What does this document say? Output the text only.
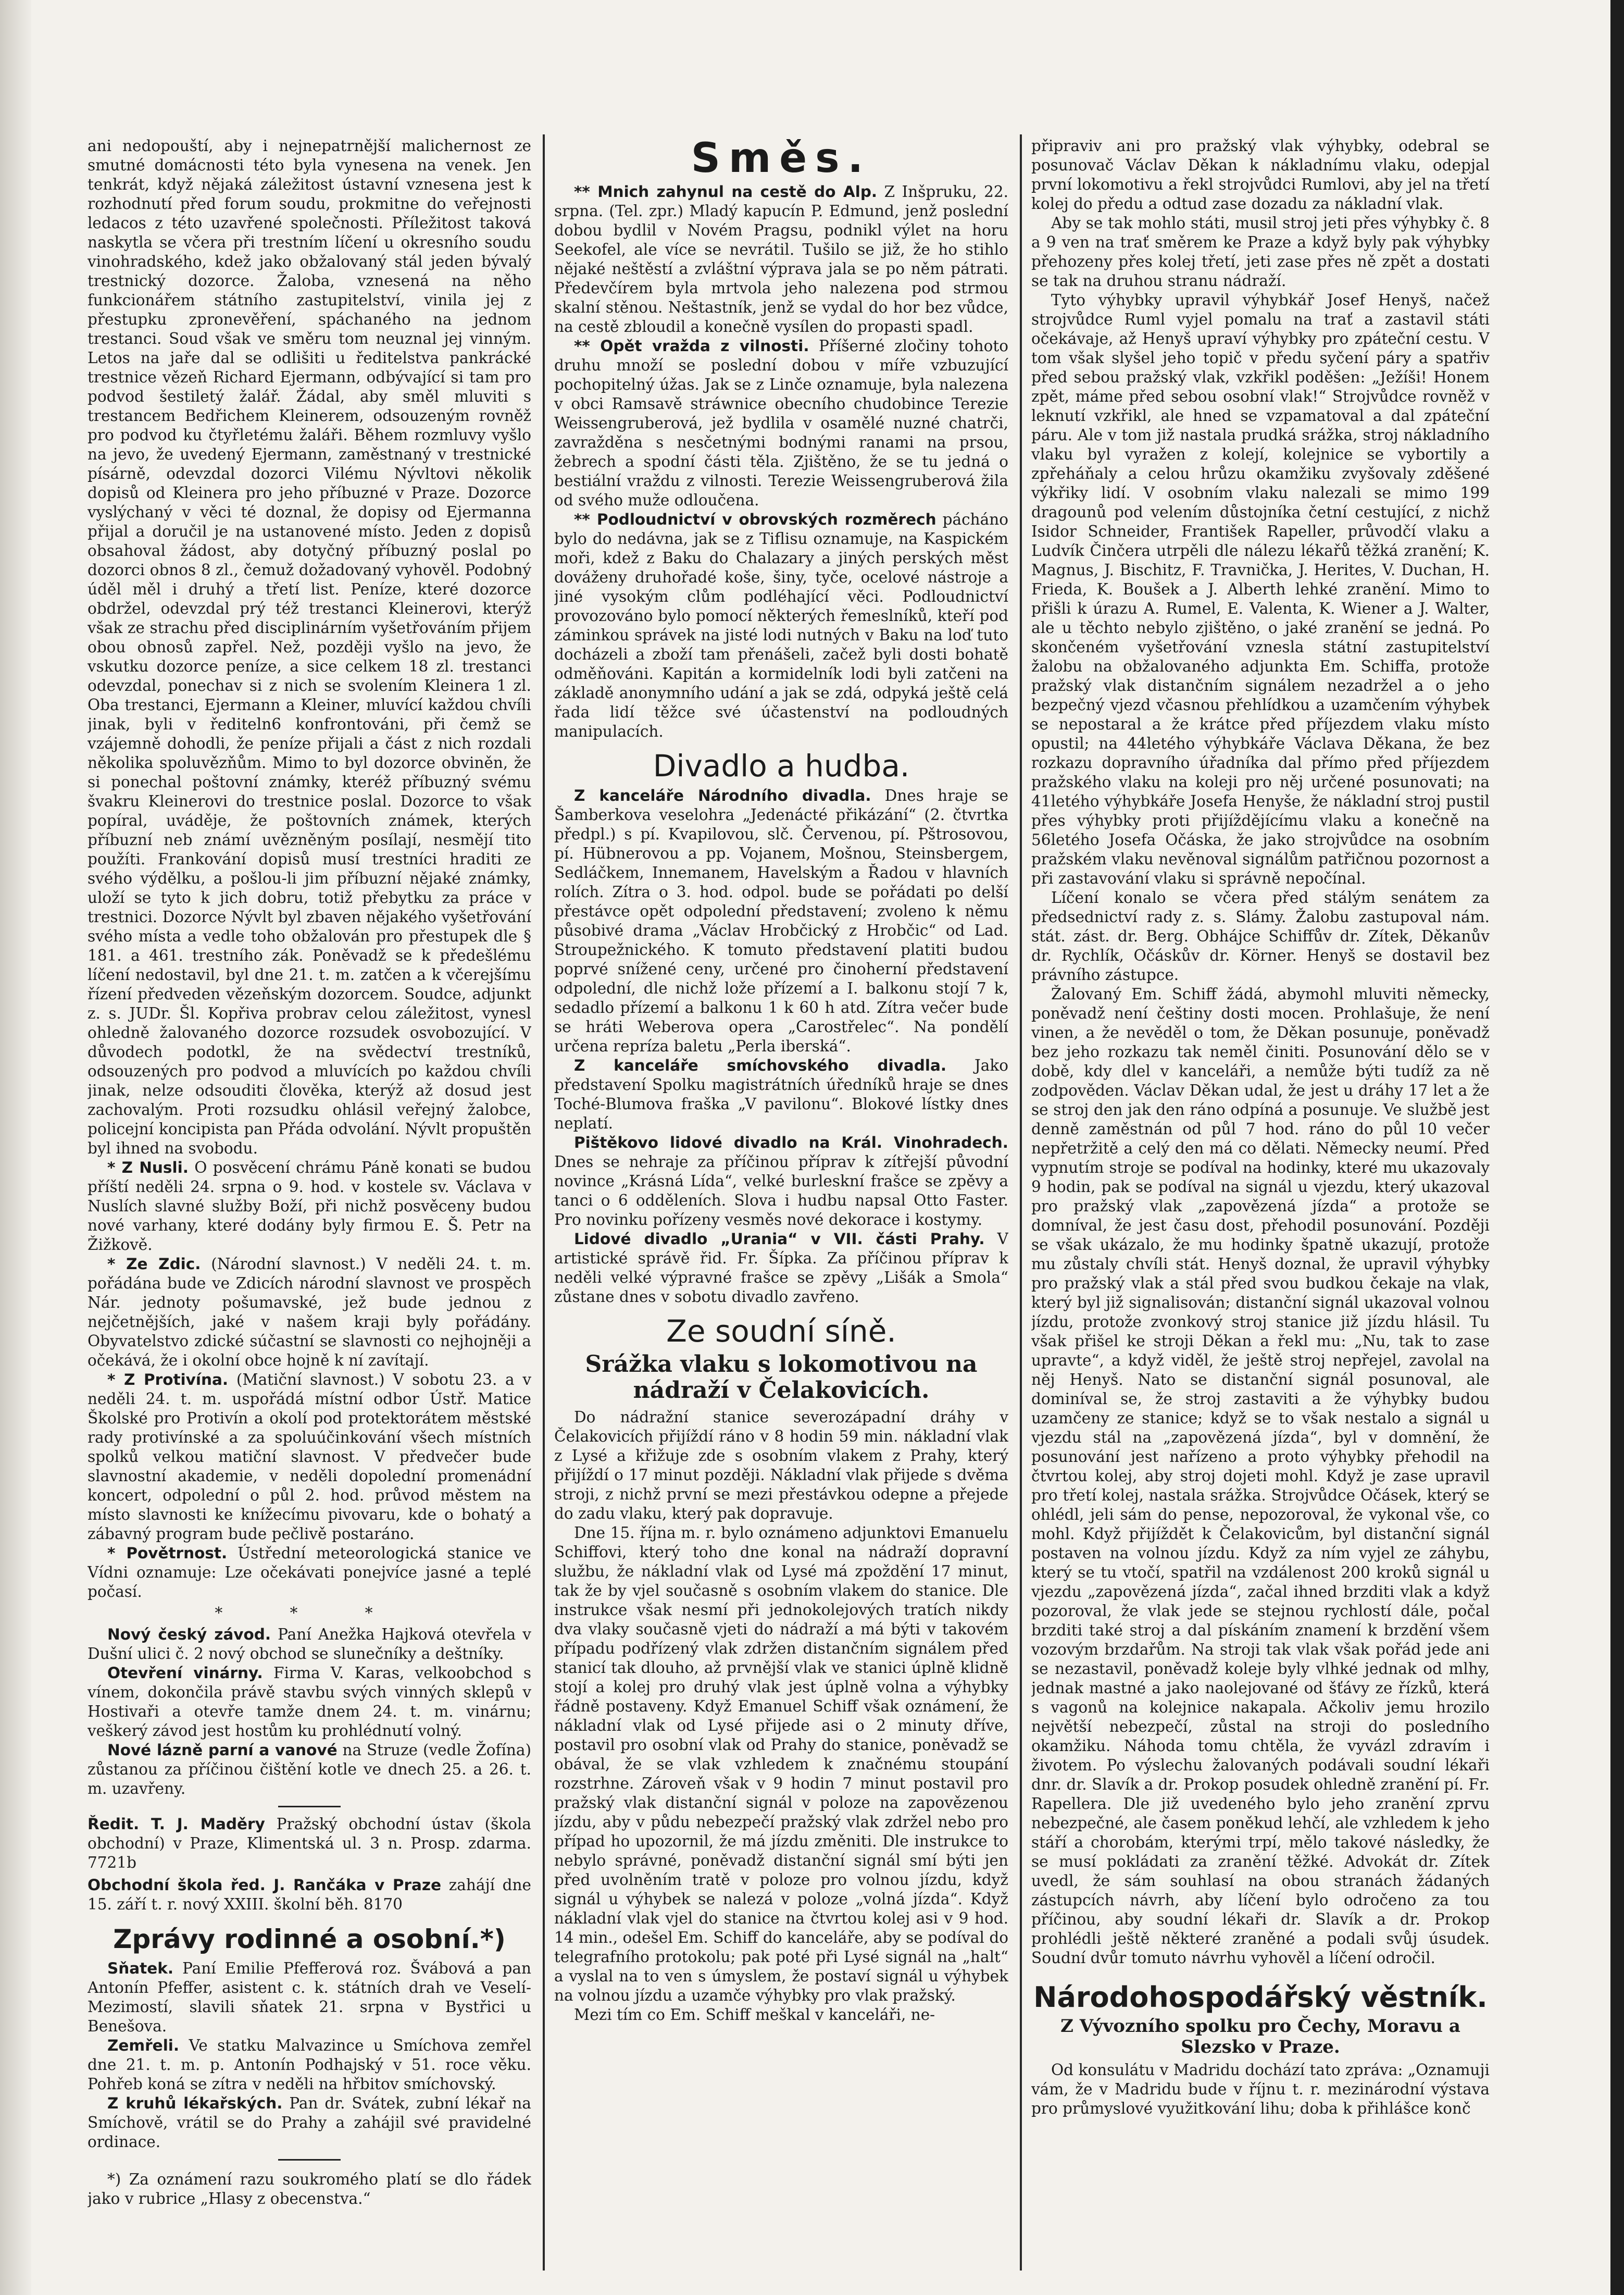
ani nedopouští, aby i nejnepatrnější malichernost ze smutné domácnosti této byla vynesena na venek. Jen tenkrát, když nějaká záležitost ústavní vznesena jest k rozhodnutí před forum soudu, prokmitne do veřejnosti ledacos z této uzavřené společnosti. Příležitost taková naskytla se včera při trestním líčení u okresního soudu vinohradského, kdež jako obžalovaný stál jeden bývalý trestnický dozorce. Žaloba, vznesená na něho funkcionářem státního zastupitelství, vinila jej z přestupku zpronevěření, spáchaného na jednom trestanci. Soud však ve směru tom neuznal jej vinným. Letos na jaře dal se odlišiti u ředitelstva pankrácké trestnice vězeň Richard Ejermann, odbývající si tam pro podvod šestiletý žalář. Žádal, aby směl mluviti s trestancem Bedřichem Kleinerem, odsouzeným rovněž pro podvod ku čtyřletému žaláři. Během rozmluvy vyšlo na jevo, že uvedený Ejermann, zaměstnaný v trestnické písárně, odevzdal dozorci Vilému Nývltovi několik dopisů od Kleinera pro jeho příbuzné v Praze. Dozorce vyslýchaný v věci té doznal, že dopisy od Ejermanna přijal a doručil je na ustanovené místo. Jeden z dopisů obsahoval žádost, aby dotyčný příbuzný poslal po dozorci obnos 8 zl., čemuž dožadovaný vyhověl. Podobný úděl měl i druhý a třetí list. Peníze, které dozorce obdržel, odevzdal prý též trestanci Kleinerovi, kterýž však ze strachu před disciplinárním vyšetřováním přijem obou obnosů zapřel. Než, později vyšlo na jevo, že vskutku dozorce peníze, a sice celkem 18 zl. trestanci odevzdal, ponechav si z nich se svolením Kleinera 1 zl. Oba trestanci, Ejermann a Kleiner, mluvící každou chvíli jinak, byli v řediteln6 konfrontováni, při čemž se vzájemně dohodli, že peníze přijali a část z nich rozdali několika spoluvězňům. Mimo to byl dozorce obviněn, že si ponechal poštovní známky, kteréž příbuzný svému švakru Kleinerovi do trestnice poslal. Dozorce to však popíral, uváděje, že poštovních známek, kterých příbuzní neb známí uvězněným posílají, nesmějí tito použíti. Frankování dopisů musí trestníci hraditi ze svého výdělku, a pošlou-li jim příbuzní nějaké známky, uloží se tyto k jich dobru, totiž přebytku za práce v trestnici. Dozorce Nývlt byl zbaven nějakého vyšetřování svého místa a vedle toho obžalován pro přestupek dle § 181. a 461. trestního zák. Poněvadž se k předešlému líčení nedostavil, byl dne 21. t. m. zatčen a k včerejšímu řízení předveden vězeňským dozorcem. Soudce, adjunkt z. s. JUDr. Šl. Kopřiva probrav celou záležitost, vynesl ohledně žalovaného dozorce rozsudek osvobozující. V důvodech podotkl, že na svědectví trestníků, odsouzených pro podvod a mluvících po každou chvíli jinak, nelze odsouditi člověka, kterýž až dosud jest zachovalým. Proti rozsudku ohlásil veřejný žalobce, policejní koncipista pan Přáda odvolání. Nývlt propuštěn byl ihned na svobodu.

* Z Nusli. O posvěcení chrámu Páně konati se budou příští neděli 24. srpna o 9. hod. v kostele sv. Václava v Nuslích slavné služby Boží, při nichž posvěceny budou nové varhany, které dodány byly firmou E. Š. Petr na Žižkově.

* Ze Zdic. (Národní slavnost.) V neděli 24. t. m. pořádána bude ve Zdicích národní slavnost ve prospěch Nár. jednoty pošumavské, jež bude jednou z nejčetnějších, jaké v našem kraji byly pořádány. Obyvatelstvo zdické súčastní se slavnosti co nejhojněji a očekává, že i okolní obce hojně k ní zavítají.

* Z Protivína. (Matiční slavnost.) V sobotu 23. a v neděli 24. t. m. uspořádá místní odbor Ústř. Matice Školské pro Protivín a okolí pod protektorátem městské rady protivínské a za spoluúčinkování všech místních spolků velkou matiční slavnost. V předvečer bude slavnostní akademie, v neděli dopolední promenádní koncert, odpolední o půl 2. hod. průvod městem na místo slavnosti ke knížecímu pivovaru, kde o bohatý a zábavný program bude pečlivě postaráno.

* Povětrnost. Ústřední meteorologická stanice ve Vídni oznamuje: Lze očekávati ponejvíce jasné a teplé počasí.

* * *

Nový český závod. Paní Anežka Hajková otevřela v Dušní ulici č. 2 nový obchod se slunečníky a deštníky.

Otevření vinárny. Firma V. Karas, velkoobchod s vínem, dokončila právě stavbu svých vinných sklepů v Hostivaři a otevře tamže dnem 24. t. m. vinárnu; veškerý závod jest hostům ku prohlédnutí volný.

Nové lázně parní a vanové na Struze (vedle Žofína) zůstanou za příčinou čištění kotle ve dnech 25. a 26. t. m. uzavřeny.

Ředit. T. J. Maděry Pražský obchodní ústav (škola obchodní) v Praze, Klimentská ul. 3 n. Prosp. zdarma. 7721b

Obchodní škola řed. J. Rančáka v Praze zahájí dne 15. září t. r. nový XXIII. školní běh. 8170

Zprávy rodinné a osobní.*)

Sňatek. Paní Emilie Pfefferová roz. Švábová a pan Antonín Pfeffer, asistent c. k. státních drah ve Veselí-Mezimostí, slavili sňatek 21. srpna v Bystřici u Benešova.

Zemřeli. Ve statku Malvazince u Smíchova zemřel dne 21. t. m. p. Antonín Podhajský v 51. roce věku. Pohřeb koná se zítra v neděli na hřbitov smíchovský.

Z kruhů lékařských. Pan dr. Svátek, zubní lékař na Smíchově, vrátil se do Prahy a zahájil své pravidelné ordinace.

*) Za oznámení razu soukromého platí se dlo řádek jako v rubrice „Hlasy z obecenstva.“

Směs.

** Mnich zahynul na cestě do Alp. Z Inšpruku, 22. srpna. (Tel. zpr.) Mladý kapucín P. Edmund, jenž poslední dobou bydlil v Novém Pragsu, podnikl výlet na horu Seekofel, ale více se nevrátil. Tušilo se již, že ho stihlo nějaké neštěstí a zvláštní výprava jala se po něm pátrati. Předevčírem byla mrtvola jeho nalezena pod strmou skalní stěnou. Neštastník, jenž se vydal do hor bez vůdce, na cestě zbloudil a konečně vysílen do propasti spadl.

** Opět vražda z vilnosti. Příšerné zločiny tohoto druhu množí se poslední dobou v míře vzbuzující pochopitelný úžas. Jak se z Linče oznamuje, byla nalezena v obci Ramsavě stráwnice obecního chudobince Terezie Weissengruberová, jež bydlila v osamělé nuzné chatrči, zavražděna s nesčetnými bodnými ranami na prsou, žebrech a spodní části těla. Zjištěno, že se tu jedná o bestiální vraždu z vilnosti. Terezie Weissengruberová žila od svého muže odloučena.

** Podloudnictví v obrovských rozměrech pácháno bylo do nedávna, jak se z Tiflisu oznamuje, na Kaspickém moři, kdež z Baku do Chalazary a jiných perských měst dováženy druhořadé koše, šiny, tyče, ocelové nástroje a jiné vysokým clům podléhající věci. Podloudnictví provozováno bylo pomocí některých řemeslníků, kteří pod záminkou správek na jisté lodi nutných v Baku na loď tuto docházeli a zboží tam přenášeli, začež byli dosti bohatě odměňováni. Kapitán a kormidelník lodi byli zatčeni na základě anonymního udání a jak se zdá, odpyká ještě celá řada lidí těžce své účastenství na podloudných manipulacích.

Divadlo a hudba.

Z kanceláře Národního divadla. Dnes hraje se Šamberkova veselohra „Jedenácté přikázání“ (2. čtvrtka předpl.) s pí. Kvapilovou, slč. Červenou, pí. Pštrosovou, pí. Hübnerovou a pp. Vojanem, Mošnou, Steinsbergem, Sedláčkem, Innemanem, Havelským a Řadou v hlavních rolích. Zítra o 3. hod. odpol. bude se pořádati po delší přestávce opět odpolední představení; zvoleno k němu působivé drama „Václav Hrobčický z Hrobčic“ od Lad. Stroupežnického. K tomuto představení platiti budou poprvé snížené ceny, určené pro činoherní představení odpolední, dle nichž lože přízemí a I. balkonu stojí 7 k, sedadlo přízemí a balkonu 1 k 60 h atd. Zítra večer bude se hráti Weberova opera „Carostřelec“. Na pondělí určena repríza baletu „Perla iberská“.

Z kanceláře smíchovského divadla. Jako představení Spolku magistrátních úředníků hraje se dnes Toché-Blumova fraška „V pavilonu“. Blokové lístky dnes neplatí.

Pištěkovo lidové divadlo na Král. Vinohradech. Dnes se nehraje za příčinou příprav k zítřejší původní novince „Krásná Lída“, velké burleskní frašce se zpěvy a tanci o 6 odděleních. Slova i hudbu napsal Otto Faster. Pro novinku pořízeny vesměs nové dekorace i kostymy.

Lidové divadlo „Urania“ v VII. části Prahy. V artistické správě řid. Fr. Šípka. Za příčinou příprav k neděli velké výpravné frašce se zpěvy „Lišák a Smola“ zůstane dnes v sobotu divadlo zavřeno.

Ze soudní síně.
Srážka vlaku s lokomotivou na nádraží v Čelakovicích.

Do nádražní stanice severozápadní dráhy v Čelakovicích přijíždí ráno v 8 hodin 59 min. nákladní vlak z Lysé a křižuje zde s osobním vlakem z Prahy, který přijíždí o 17 minut později. Nákladní vlak přijede s dvěma stroji, z nichž první se mezi přestávkou odepne a přejede do zadu vlaku, který pak dopravuje.

Dne 15. října m. r. bylo oznámeno adjunktovi Emanuelu Schiffovi, který toho dne konal na nádraží dopravní službu, že nákladní vlak od Lysé má zpoždění 17 minut, tak že by vjel současně s osobním vlakem do stanice. Dle instrukce však nesmí při jednokolejových tratích nikdy dva vlaky současně vjeti do nádraží a má býti v takovém případu podřízený vlak zdržen distančním signálem před stanicí tak dlouho, až prvnější vlak ve stanici úplně klidně stojí a kolej pro druhý vlak jest úplně volna a výhybky řádně postaveny. Když Emanuel Schiff však oznámení, že nákladní vlak od Lysé přijede asi o 2 minuty dříve, postavil pro osobní vlak od Prahy do stanice, poněvadž se obával, že se vlak vzhledem k značnému stoupání rozstrhne. Zároveň však v 9 hodin 7 minut postavil pro pražský vlak distanční signál v poloze na zapovězenou jízdu, aby v půdu nebezpečí pražský vlak zdržel nebo pro případ ho upozornil, že má jízdu změniti. Dle instrukce to nebylo správné, poněvadž distanční signál smí býti jen před uvolněním tratě v poloze pro volnou jízdu, když signál u výhybek se nalezá v poloze „volná jízda“. Když nákladní vlak vjel do stanice na čtvrtou kolej asi v 9 hod. 14 min., odešel Em. Schiff do kanceláře, aby se podíval do telegrafního protokolu; pak poté při Lysé signál na „halt“ a vyslal na to ven s úmyslem, že postaví signál u výhybek na volnou jízdu a uzamče výhybky pro vlak pražský.

Mezi tím co Em. Schiff meškal v kanceláři, ne-

připraviv ani pro pražský vlak výhybky, odebral se posunovač Václav Děkan k nákladnímu vlaku, odepjal první lokomotivu a řekl strojvůdci Rumlovi, aby jel na třetí kolej do předu a odtud zase dozadu za nákladní vlak.

Aby se tak mohlo státi, musil stroj jeti přes výhybky č. 8 a 9 ven na trať směrem ke Praze a když byly pak výhybky přehozeny přes kolej třetí, jeti zase přes ně zpět a dostati se tak na druhou stranu nádraží.

Tyto výhybky upravil výhybkář Josef Henyš, načež strojvůdce Ruml vyjel pomalu na trať a zastavil státi očekávaje, až Henyš upraví výhybky pro zpáteční cestu. V tom však slyšel jeho topič v předu syčení páry a spatřiv před sebou pražský vlak, vzkřikl poděšen: „Ježíši! Honem zpět, máme před sebou osobní vlak!“ Strojvůdce rovněž v leknutí vzkřikl, ale hned se vzpamatoval a dal zpáteční páru. Ale v tom již nastala prudká srážka, stroj nákladního vlaku byl vyražen z kolejí, kolejnice se vybortily a zpřeháňaly a celou hrůzu okamžiku zvyšovaly zděšené výkřiky lidí. V osobním vlaku nalezali se mimo 199 dragounů pod velením důstojníka četní cestující, z nichž Isidor Schneider, František Rapeller, průvodčí vlaku a Ludvík Činčera utrpěli dle nálezu lékařů těžká zranění; K. Magnus, J. Bischitz, F. Travnička, J. Herites, V. Duchan, H. Frieda, K. Boušek a J. Alberth lehké zranění. Mimo to přišli k úrazu A. Rumel, E. Valenta, K. Wiener a J. Walter, ale u těchto nebylo zjištěno, o jaké zranění se jedná. Po skončeném vyšetřování vznesla státní zastupitelství žalobu na obžalovaného adjunkta Em. Schiffa, protože pražský vlak distančním signálem nezadržel a o jeho bezpečný vjezd včasnou přehlídkou a uzamčením výhybek se nepostaral a že krátce před příjezdem vlaku místo opustil; na 44letého výhybkáře Václava Děkana, že bez rozkazu dopravního úřadníka dal přímo před příjezdem pražského vlaku na koleji pro něj určené posunovati; na 41letého výhybkáře Josefa Henyše, že nákladní stroj pustil přes výhybky proti přijíždějícímu vlaku a konečně na 56letého Josefa Očáska, že jako strojvůdce na osobním pražském vlaku nevěnoval signálům patřičnou pozornost a při zastavování vlaku si správně nepočínal.

Líčení konalo se včera před stálým senátem za předsednictví rady z. s. Slámy. Žalobu zastupoval nám. stát. zást. dr. Berg. Obhájce Schiffův dr. Zítek, Děkanův dr. Rychlík, Očáskův dr. Körner. Henyš se dostavil bez právního zástupce.

Žalovaný Em. Schiff žádá, abymohl mluviti německy, poněvadž není češtiny dosti mocen. Prohlašuje, že není vinen, a že nevěděl o tom, že Děkan posunuje, poněvadž bez jeho rozkazu tak neměl činiti. Posunování dělo se v době, kdy dlel v kanceláři, a nemůže býti tudíž za ně zodpověden. Václav Děkan udal, že jest u dráhy 17 let a že se stroj den jak den ráno odpíná a posunuje. Ve službě jest denně zaměstnán od půl 7 hod. ráno do půl 10 večer nepřetržitě a celý den má co dělati. Německy neumí. Před vypnutím stroje se podíval na hodinky, které mu ukazovaly 9 hodin, pak se podíval na signál u vjezdu, který ukazoval pro pražský vlak „zapovězená jízda“ a protože se domníval, že jest času dost, přehodil posunování. Později se však ukázalo, že mu hodinky špatně ukazují, protože mu zůstaly chvíli stát. Henyš doznal, že upravil výhybky pro pražský vlak a stál před svou budkou čekaje na vlak, který byl již signalisován; distanční signál ukazoval volnou jízdu, protože zvonkový stroj stanice již jízdu hlásil. Tu však přišel ke stroji Děkan a řekl mu: „Nu, tak to zase upravte“, a když viděl, že ještě stroj nepřejel, zavolal na něj Henyš. Nato se distanční signál posunoval, ale dominíval se, že stroj zastaviti a že výhybky budou uzamčeny ze stanice; když se to však nestalo a signál u vjezdu stál na „zapovězená jízda“, byl v domnění, že posunování jest nařízeno a proto výhybky přehodil na čtvrtou kolej, aby stroj dojeti mohl. Když je zase upravil pro třetí kolej, nastala srážka. Strojvůdce Očásek, který se ohlédl, jeli sám do pense, nepozoroval, že vykonal vše, co mohl. Když přijíždět k Čelakovicům, byl distanční signál postaven na volnou jízdu. Když za ním vyjel ze záhybu, který se tu vtočí, spatřil na vzdálenost 200 kroků signál u vjezdu „zapovězená jízda“, začal ihned brzditi vlak a když pozoroval, že vlak jede se stejnou rychlostí dále, počal brzditi také stroj a dal pískáním znamení k brzdění všem vozovým brzdařům. Na stroji tak vlak však pořád jede ani se nezastavil, poněvadž koleje byly vlhké jednak od mlhy, jednak mastné a jako naolejované od šťávy ze řízků, která s vagonů na kolejnice nakapala. Ačkoliv jemu hrozilo největší nebezpečí, zůstal na stroji do posledního okamžiku. Náhoda tomu chtěla, že vyvázl zdravím i životem. Po výslechu žalovaných podávali soudní lékaři dnr. dr. Slavík a dr. Prokop posudek ohledně zranění pí. Fr. Rapellera. Dle již uvedeného bylo jeho zranění zprvu nebezpečné, ale časem poněkud lehčí, ale vzhledem k jeho stáří a chorobám, kterými trpí, mělo takové následky, že se musí pokládati za zranění těžké. Advokát dr. Zítek uvedl, že sám souhlasí na obou stranách žádaných zástupcích návrh, aby líčení bylo odročeno za tou příčinou, aby soudní lékaři dr. Slavík a dr. Prokop prohlédli ještě některé zraněné a podali svůj úsudek. Soudní dvůr tomuto návrhu vyhověl a líčení odročil.

Národohospodářský věstník.
Z Vývozního spolku pro Čechy, Moravu a Slezsko v Praze.

Od konsulátu v Madridu dochází tato zpráva: „Oznamuji vám, že v Madridu bude v říjnu t. r. mezinárodní výstava pro průmyslové využitkování lihu; doba k přihlášce konč
